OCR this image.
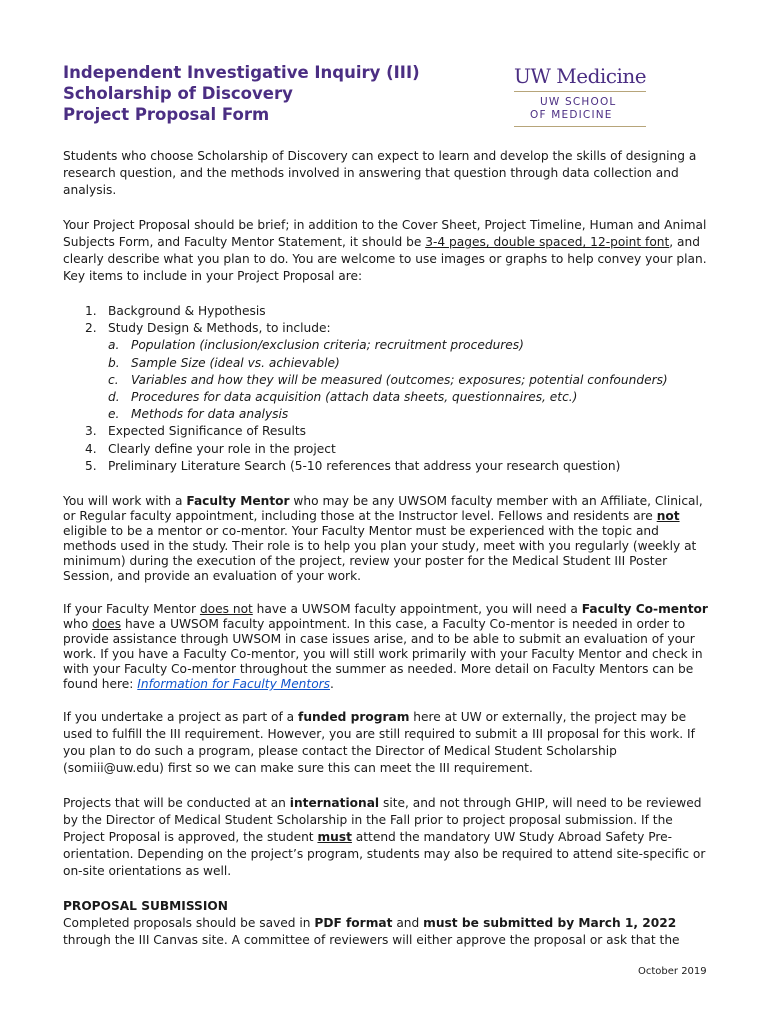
Independent Investigative Inquiry (III)
Scholarship of Discovery
Project Proposal Form
UW Medicine
UW SCHOOL
OF MEDICINE

Students who choose Scholarship of Discovery can expect to learn and develop the skills of designing a research question, and the methods involved in answering that question through data collection and analysis.

Your Project Proposal should be brief; in addition to the Cover Sheet, Project Timeline, Human and Animal Subjects Form, and Faculty Mentor Statement, it should be 3-4 pages, double spaced, 12-point font, and clearly describe what you plan to do. You are welcome to use images or graphs to help convey your plan. Key items to include in your Project Proposal are:

1. Background & Hypothesis
2. Study Design & Methods, to include:
a. Population (inclusion/exclusion criteria; recruitment procedures)
b. Sample Size (ideal vs. achievable)
c. Variables and how they will be measured (outcomes; exposures; potential confounders)
d. Procedures for data acquisition (attach data sheets, questionnaires, etc.)
e. Methods for data analysis
3. Expected Significance of Results
4. Clearly define your role in the project
5. Preliminary Literature Search (5-10 references that address your research question)

You will work with a Faculty Mentor who may be any UWSOM faculty member with an Affiliate, Clinical, or Regular faculty appointment, including those at the Instructor level. Fellows and residents are not eligible to be a mentor or co-mentor. Your Faculty Mentor must be experienced with the topic and methods used in the study. Their role is to help you plan your study, meet with you regularly (weekly at minimum) during the execution of the project, review your poster for the Medical Student III Poster Session, and provide an evaluation of your work.

If your Faculty Mentor does not have a UWSOM faculty appointment, you will need a Faculty Co-mentor who does have a UWSOM faculty appointment. In this case, a Faculty Co-mentor is needed in order to provide assistance through UWSOM in case issues arise, and to be able to submit an evaluation of your work. If you have a Faculty Co-mentor, you will still work primarily with your Faculty Mentor and check in with your Faculty Co-mentor throughout the summer as needed. More detail on Faculty Mentors can be found here: Information for Faculty Mentors.

If you undertake a project as part of a funded program here at UW or externally, the project may be used to fulfill the III requirement. However, you are still required to submit a III proposal for this work. If you plan to do such a program, please contact the Director of Medical Student Scholarship (somiii@uw.edu) first so we can make sure this can meet the III requirement.

Projects that will be conducted at an international site, and not through GHIP, will need to be reviewed by the Director of Medical Student Scholarship in the Fall prior to project proposal submission. If the Project Proposal is approved, the student must attend the mandatory UW Study Abroad Safety Pre-orientation. Depending on the project’s program, students may also be required to attend site-specific or on-site orientations as well.

PROPOSAL SUBMISSION

Completed proposals should be saved in PDF format and must be submitted by March 1, 2022 through the III Canvas site. A committee of reviewers will either approve the proposal or ask that the

October 2019
